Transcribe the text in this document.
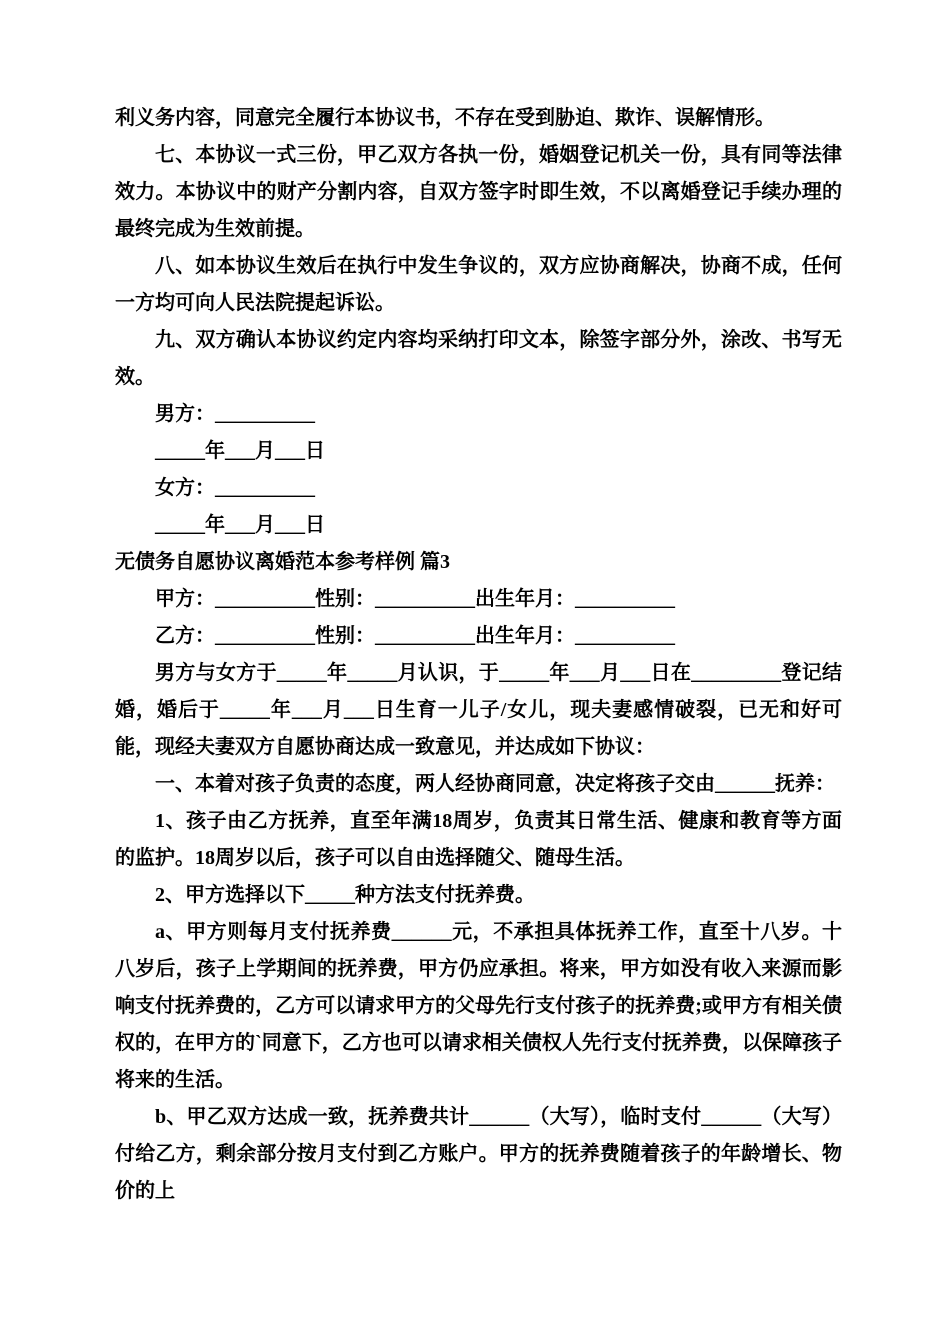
利义务内容，同意完全履行本协议书，不存在受到胁迫、欺诈、误解情形。

七、本协议一式三份，甲乙双方各执一份，婚姻登记机关一份，具有同等法律效力。本协议中的财产分割内容，自双方签字时即生效，不以离婚登记手续办理的最终完成为生效前提。

八、如本协议生效后在执行中发生争议的，双方应协商解决，协商不成，任何一方均可向人民法院提起诉讼。

九、双方确认本协议约定内容均采纳打印文本，除签字部分外，涂改、书写无效。

男方：__________

_____年___月___日

女方：__________

_____年___月___日

无债务自愿协议离婚范本参考样例 篇3

甲方：__________性别：__________出生年月：__________

乙方：__________性别：__________出生年月：__________

男方与女方于_____年_____月认识，于_____年___月___日在_________登记结婚，婚后于_____年___月___日生育一儿子/女儿，现夫妻感情破裂，已无和好可能，现经夫妻双方自愿协商达成一致意见，并达成如下协议：

一、本着对孩子负责的态度，两人经协商同意，决定将孩子交由______抚养：

1、孩子由乙方抚养，直至年满18周岁，负责其日常生活、健康和教育等方面的监护。18周岁以后，孩子可以自由选择随父、随母生活。

2、甲方选择以下_____种方法支付抚养费。

a、甲方则每月支付抚养费______元，不承担具体抚养工作，直至十八岁。十八岁后，孩子上学期间的抚养费，甲方仍应承担。将来，甲方如没有收入来源而影响支付抚养费的，乙方可以请求甲方的父母先行支付孩子的抚养费;或甲方有相关债权的，在甲方的`同意下，乙方也可以请求相关债权人先行支付抚养费，以保障孩子将来的生活。

b、甲乙双方达成一致，抚养费共计______（大写），临时支付______（大写）付给乙方，剩余部分按月支付到乙方账户。甲方的抚养费随着孩子的年龄增长、物价的上
